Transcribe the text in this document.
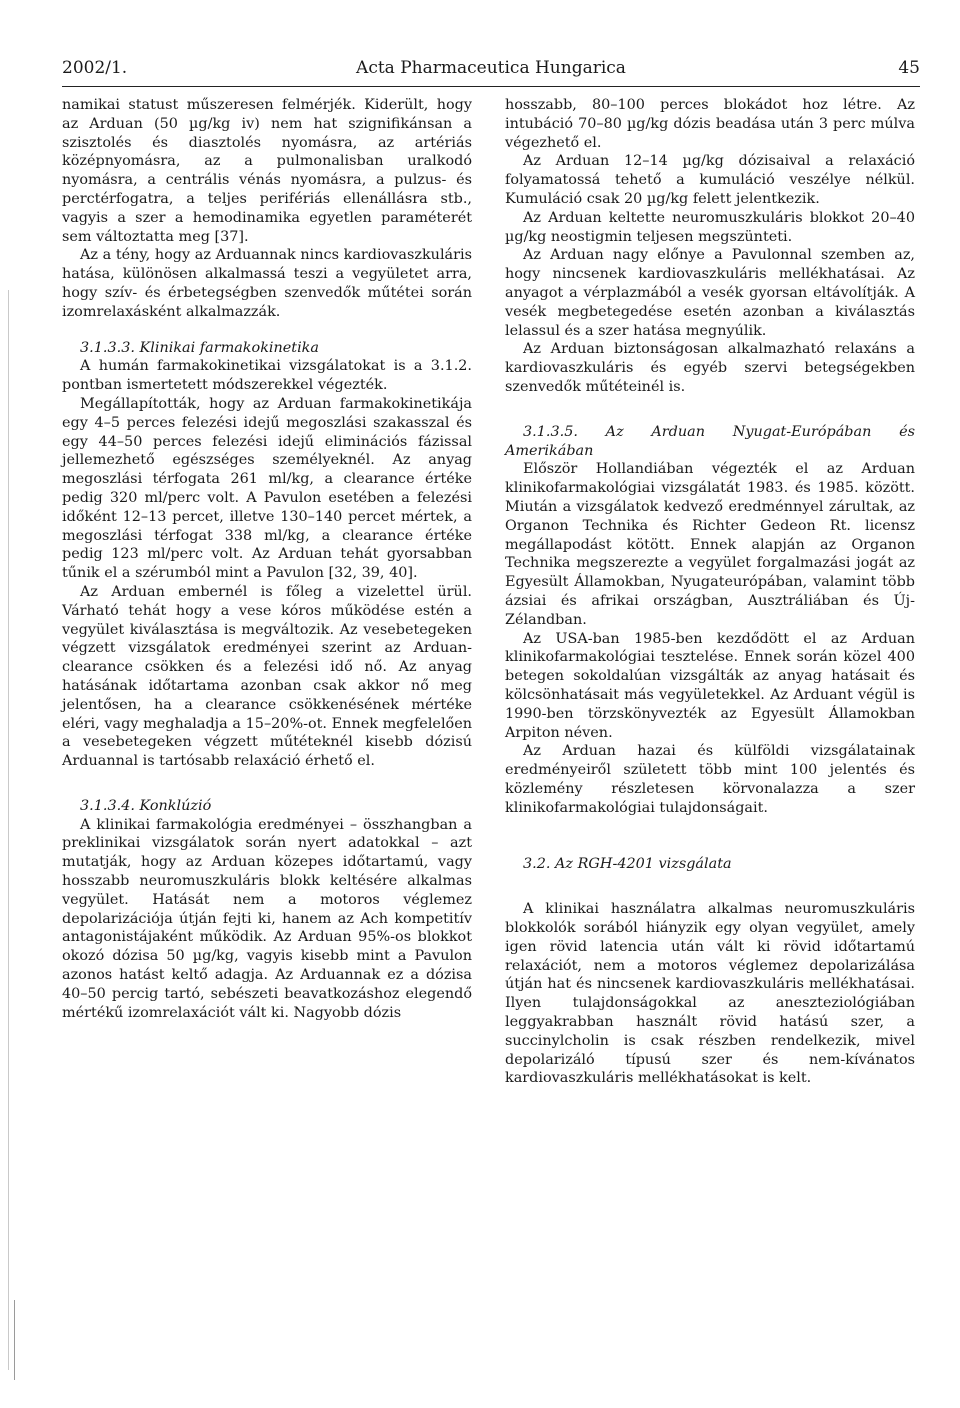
2002/1.	Acta Pharmaceutica Hungarica	45

namikai statust műszeresen felmérjék. Kiderült, hogy az Arduan (50 µg/kg iv) nem hat szignifikánsan a szisztolés és diasztolés nyomásra, az artériás középnyomásra, az a pulmonalisban uralkodó nyomásra, a centrális vénás nyomásra, a pulzus- és perctérfogatra, a teljes perifériás ellenállásra stb., vagyis a szer a hemodinamika egyetlen paraméterét sem változtatta meg [37].

Az a tény, hogy az Arduannak nincs kardiovaszkuláris hatása, különösen alkalmassá teszi a vegyületet arra, hogy szív- és érbetegségben szenvedők műtétei során izomrelaxásként alkalmazzák.

3.1.3.3. Klinikai farmakokinetika

A humán farmakokinetikai vizsgálatokat is a 3.1.2. pontban ismertetett módszerekkel végezték.

Megállapították, hogy az Arduan farmakokinetikája egy 4–5 perces felezési idejű megoszlási szakasszal és egy 44–50 perces felezési idejű eliminációs fázissal jellemezhető egészséges személyeknél. Az anyag megoszlási térfogata 261 ml/kg, a clearance értéke pedig 320 ml/perc volt. A Pavulon esetében a felezési időként 12–13 percet, illetve 130–140 percet mértek, a megoszlási térfogat 338 ml/kg, a clearance értéke pedig 123 ml/perc volt. Az Arduan tehát gyorsabban tűnik el a szérumból mint a Pavulon [32, 39, 40].

Az Arduan embernél is főleg a vizelettel ürül. Várható tehát hogy a vese kóros működése estén a vegyület kiválasztása is megváltozik. Az vesebetegeken végzett vizsgálatok eredményei szerint az Arduan-clearance csökken és a felezési idő nő. Az anyag hatásának időtartama azonban csak akkor nő meg jelentősen, ha a clearance csökkenésének mértéke eléri, vagy meghaladja a 15–20%-ot. Ennek megfelelően a vesebetegeken végzett műtéteknél kisebb dózisú Arduannal is tartósabb relaxáció érhető el.

3.1.3.4. Konklúzió

A klinikai farmakológia eredményei – összhangban a preklinikai vizsgálatok során nyert adatokkal – azt mutatják, hogy az Arduan közepes időtartamú, vagy hosszabb neuromuszkuláris blokk keltésére alkalmas vegyület. Hatását nem a motoros véglemez depolarizációja útján fejti ki, hanem az Ach kompetitív antagonistájaként működik. Az Arduan 95%-os blokkot okozó dózisa 50 µg/kg, vagyis kisebb mint a Pavulon azonos hatást keltő adagja. Az Arduannak ez a dózisa 40–50 percig tartó, sebészeti beavatkozáshoz elegendő mértékű izomrelaxációt vált ki. Nagyobb dózis

hosszabb, 80–100 perces blokádot hoz létre. Az intubáció 70–80 µg/kg dózis beadása után 3 perc múlva végezhető el.

Az Arduan 12–14 µg/kg dózisaival a relaxáció folyamatossá tehető a kumuláció veszélye nélkül. Kumuláció csak 20 µg/kg felett jelentkezik.

Az Arduan keltette neuromuszkuláris blokkot 20–40 µg/kg neostigmin teljesen megszünteti.

Az Arduan nagy előnye a Pavulonnal szemben az, hogy nincsenek kardiovaszkuláris mellékhatásai. Az anyagot a vérplazmából a vesék gyorsan eltávolítják. A vesék megbetegedése esetén azonban a kiválasztás lelassul és a szer hatása megnyúlik.

Az Arduan biztonságosan alkalmazható relaxáns a kardiovaszkuláris és egyéb szervi betegségekben szenvedők műtéteinél is.

3.1.3.5. Az Arduan Nyugat-Európában és Amerikában

Először Hollandiában végezték el az Arduan klinikofarmakológiai vizsgálatát 1983. és 1985. között. Miután a vizsgálatok kedvező eredménnyel zárultak, az Organon Technika és Richter Gedeon Rt. licensz megállapodást kötött. Ennek alapján az Organon Technika megszerezte a vegyület forgalmazási jogát az Egyesült Államokban, Nyugateurópában, valamint több ázsiai és afrikai országban, Ausztráliában és Új-Zélandban.

Az USA-ban 1985-ben kezdődött el az Arduan klinikofarmakológiai tesztelése. Ennek során közel 400 betegen sokoldalúan vizsgálták az anyag hatásait és kölcsönhatásait más vegyületekkel. Az Arduant végül is 1990-ben törzskönyvezték az Egyesült Államokban Arpiton néven.

Az Arduan hazai és külföldi vizsgálatainak eredményeiről született több mint 100 jelentés és közlemény részletesen körvonalazza a szer klinikofarmakológiai tulajdonságait.

3.2. Az RGH-4201 vizsgálata

A klinikai használatra alkalmas neuromuszkuláris blokkolók sorából hiányzik egy olyan vegyület, amely igen rövid latencia után vált ki rövid időtartamú relaxációt, nem a motoros véglemez depolarizálása útján hat és nincsenek kardiovaszkuláris mellékhatásai. Ilyen tulajdonságokkal az aneszteziológiában leggyakrabban használt rövid hatású szer, a succinylcholin is csak részben rendelkezik, mivel depolarizáló típusú szer és nem-kívánatos kardiovaszkuláris mellékhatásokat is kelt.
